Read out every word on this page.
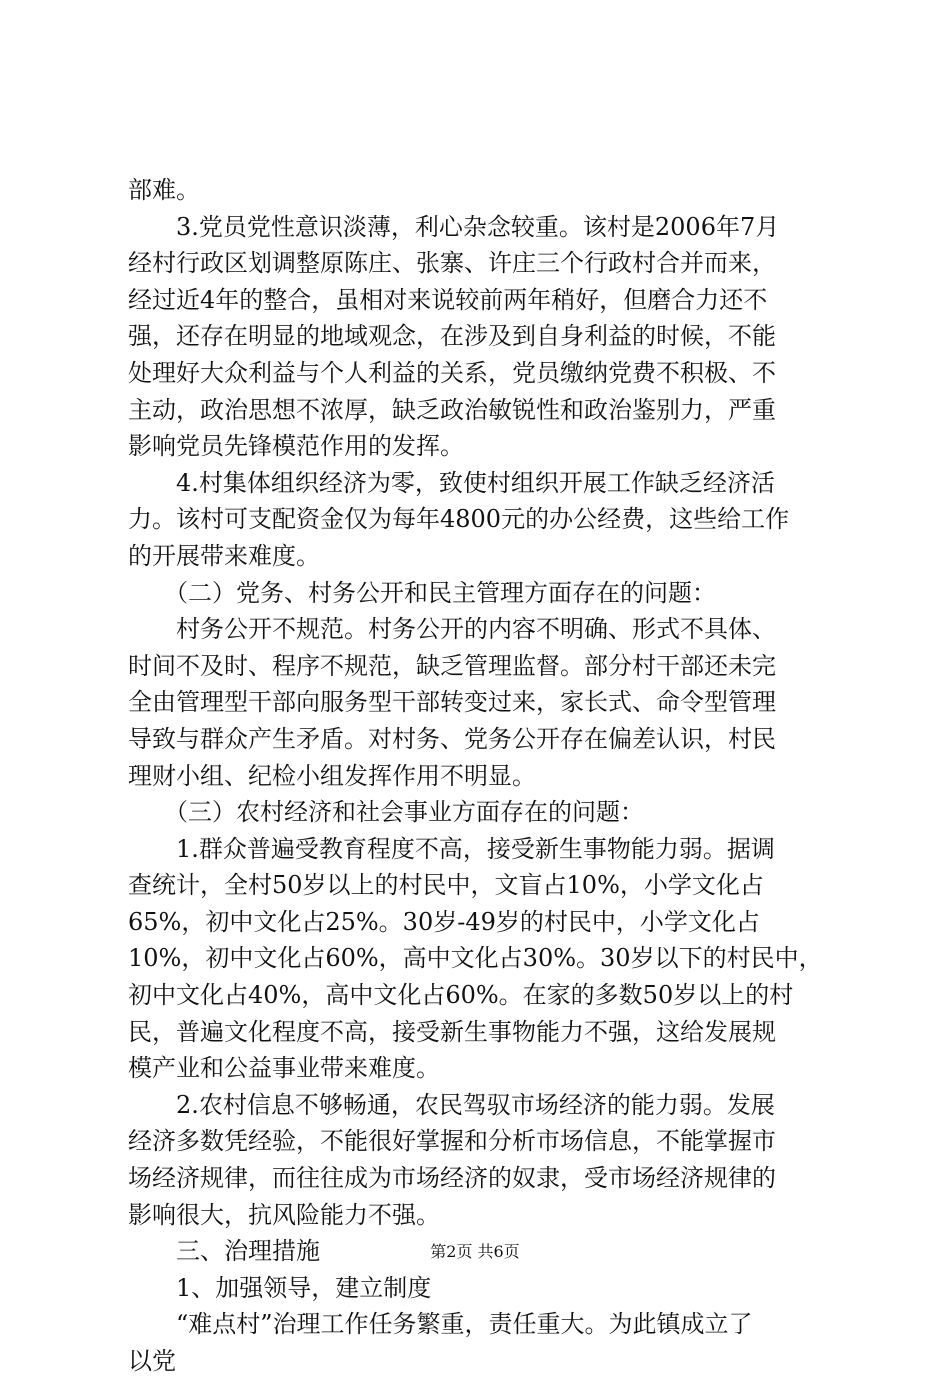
部难。
　　3.党员党性意识淡薄，利心杂念较重。该村是2006年7月
经村行政区划调整原陈庄、张寨、许庄三个行政村合并而来，
经过近4年的整合，虽相对来说较前两年稍好，但磨合力还不
强，还存在明显的地域观念，在涉及到自身利益的时候，不能
处理好大众利益与个人利益的关系，党员缴纳党费不积极、不
主动，政治思想不浓厚，缺乏政治敏锐性和政治鉴别力，严重
影响党员先锋模范作用的发挥。
　　4.村集体组织经济为零，致使村组织开展工作缺乏经济活
力。该村可支配资金仅为每年4800元的办公经费，这些给工作
的开展带来难度。
　　（二）党务、村务公开和民主管理方面存在的问题：
　　村务公开不规范。村务公开的内容不明确、形式不具体、
时间不及时、程序不规范，缺乏管理监督。部分村干部还未完
全由管理型干部向服务型干部转变过来，家长式、命令型管理
导致与群众产生矛盾。对村务、党务公开存在偏差认识，村民
理财小组、纪检小组发挥作用不明显。
　　（三）农村经济和社会事业方面存在的问题：
　　1.群众普遍受教育程度不高，接受新生事物能力弱。据调
查统计，全村50岁以上的村民中，文盲占10%，小学文化占
65%，初中文化占25%。30岁-49岁的村民中，小学文化占
10%，初中文化占60%，高中文化占30%。30岁以下的村民中，
初中文化占40%，高中文化占60%。在家的多数50岁以上的村
民，普遍文化程度不高，接受新生事物能力不强，这给发展规
模产业和公益事业带来难度。
　　2.农村信息不够畅通，农民驾驭市场经济的能力弱。发展
经济多数凭经验，不能很好掌握和分析市场信息，不能掌握市
场经济规律，而往往成为市场经济的奴隶，受市场经济规律的
影响很大，抗风险能力不强。
　　三、治理措施
　　1、加强领导，建立制度
　　“难点村”治理工作任务繁重，责任重大。为此镇成立了
以党
第2页 共6页
